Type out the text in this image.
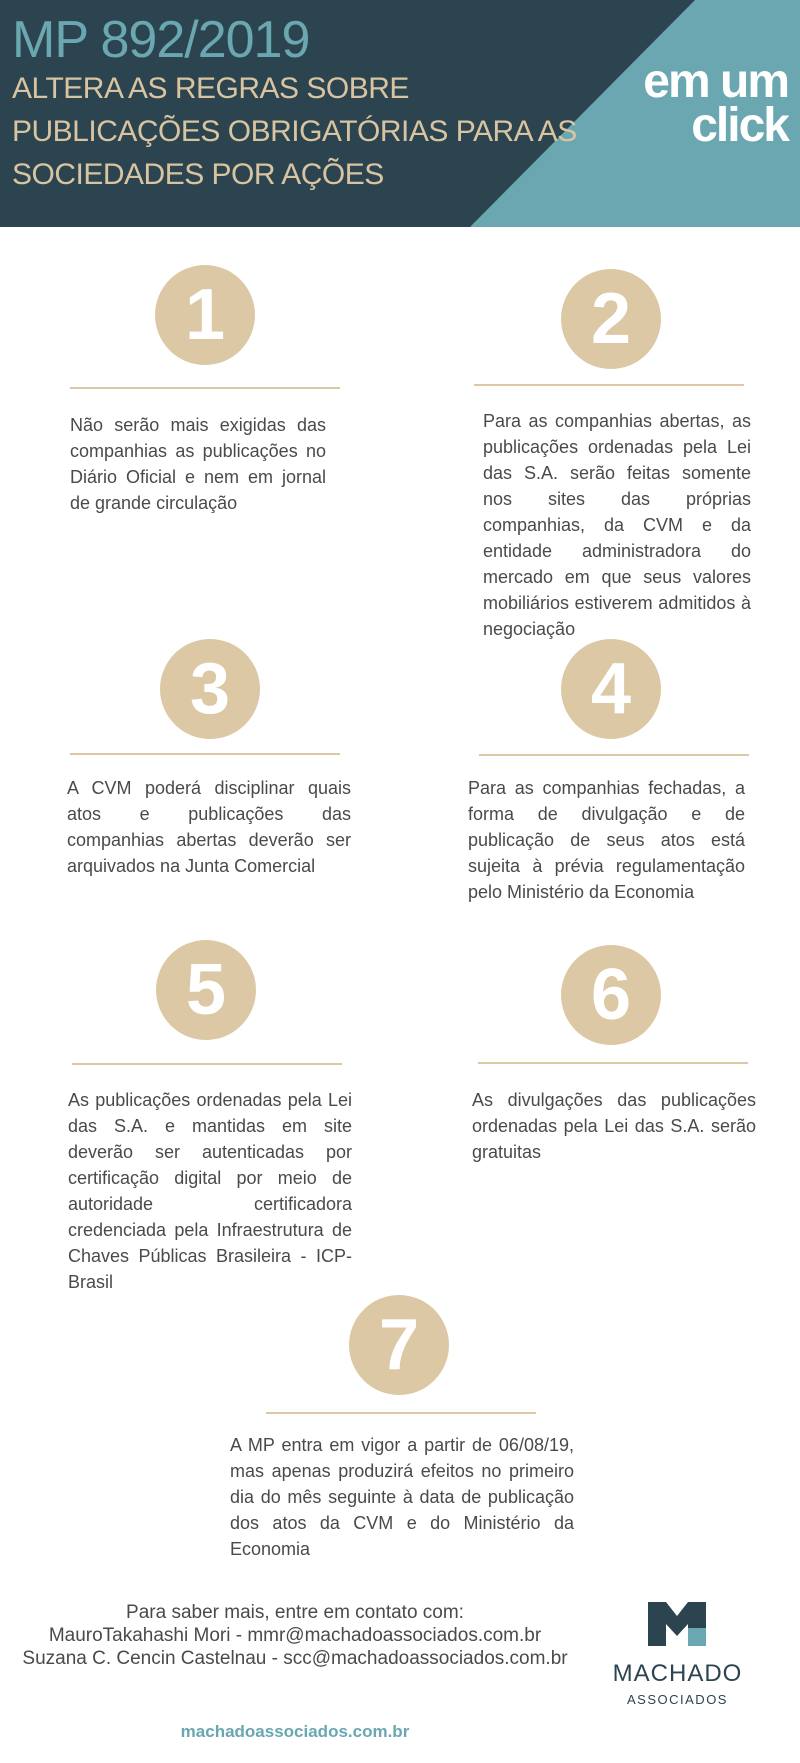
MP 892/2019
ALTERA AS REGRAS SOBRE PUBLICAÇÕES OBRIGATÓRIAS PARA AS SOCIEDADES POR AÇÕES
em um
click
1

Não serão mais exigidas das companhias as publicações no Diário Oficial e nem em jornal de grande circulação

2

Para as companhias abertas, as publicações ordenadas pela Lei das S.A. serão feitas somente nos sites das próprias companhias, da CVM e da entidade administradora do mercado em que seus valores mobiliários estiverem admitidos à negociação

3

A CVM poderá disciplinar quais atos e publicações das companhias abertas deverão ser arquivados na Junta Comercial

4

Para as companhias fechadas, a forma de divulgação e de publicação de seus atos está sujeita à prévia regulamentação pelo Ministério da Economia

5

As publicações ordenadas pela Lei das S.A. e mantidas em site deverão ser autenticadas por certificação digital por meio de autoridade certificadora credenciada pela Infraestrutura de Chaves Públicas Brasileira - ICP-Brasil

6

As divulgações das publicações ordenadas pela Lei das S.A. serão gratuitas

7

A MP entra em vigor a partir de 06/08/19, mas apenas produzirá efeitos no primeiro dia do mês seguinte à data de publicação dos atos da CVM e do Ministério da Economia

Para saber mais, entre em contato com:
MauroTakahashi Mori - mmr@machadoassociados.com.br
Suzana C. Cencin Castelnau - scc@machadoassociados.com.br
MACHADO
ASSOCIADOS
machadoassociados.com.br
